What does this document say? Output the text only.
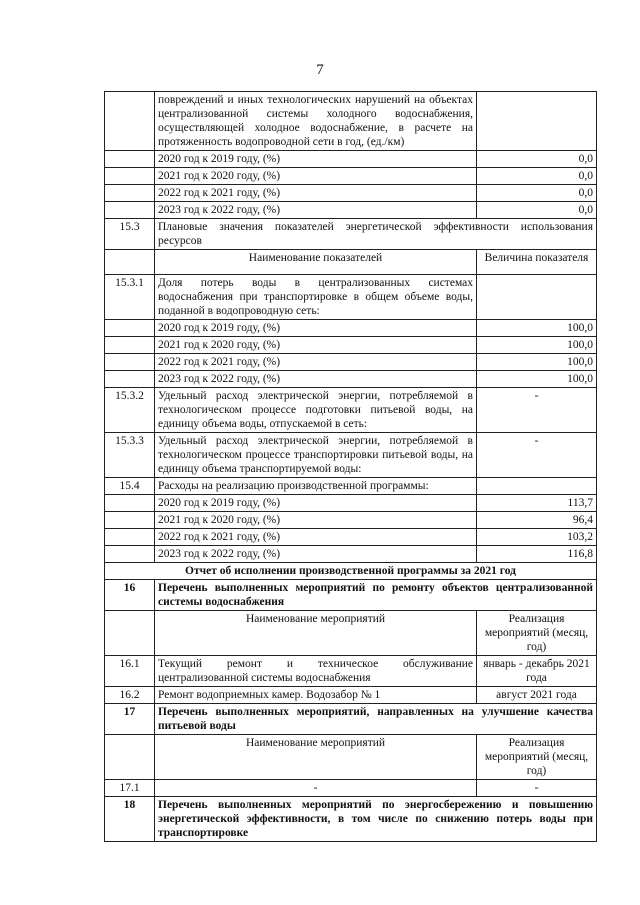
7
	повреждений и иных технологических нарушений на объектах централизованной системы холодного водоснабжения, осуществляющей холодное водоснабжение, в расчете на протяженность водопроводной сети в год, (ед./км)	
	2020 год к 2019 году, (%)	0,0
	2021 год к 2020 году, (%)	0,0
	2022 год к 2021 году, (%)	0,0
	2023 год к 2022 году, (%)	0,0
15.3	Плановые значения показателей энергетической эффективности использования ресурсов	
	Наименование показателей	Величина показателя
15.3.1	Доля потерь воды в централизованных системах водоснабжения при транспортировке в общем объеме воды, поданной в водопроводную сеть:	
	2020 год к 2019 году, (%)	100,0
	2021 год к 2020 году, (%)	100,0
	2022 год к 2021 году, (%)	100,0
	2023 год к 2022 году, (%)	100,0
15.3.2	Удельный расход электрической энергии, потребляемой в технологическом процессе подготовки питьевой воды, на единицу объема воды, отпускаемой в сеть:	-
15.3.3	Удельный расход электрической энергии, потребляемой в технологическом процессе транспортировки питьевой воды, на единицу объема транспортируемой воды:	-
15.4	Расходы на реализацию производственной программы:	
	2020 год к 2019 году, (%)	113,7
	2021 год к 2020 году, (%)	96,4
	2022 год к 2021 году, (%)	103,2
	2023 год к 2022 году, (%)	116,8
Отчет об исполнении производственной программы за 2021 год		
16	Перечень выполненных мероприятий по ремонту объектов централизованной системы водоснабжения	
	Наименование мероприятий	Реализация мероприятий (месяц, год)
16.1	Текущий ремонт и техническое обслуживание централизованной системы водоснабжения	январь - декабрь 2021 года
16.2	Ремонт водоприемных камер. Водозабор № 1	август 2021 года
17	Перечень выполненных мероприятий, направленных на улучшение качества питьевой воды	
	Наименование мероприятий	Реализация мероприятий (месяц, год)
17.1	-	-
18	Перечень выполненных мероприятий по энергосбережению и повышению энергетической эффективности, в том числе по снижению потерь воды при транспортировке	
